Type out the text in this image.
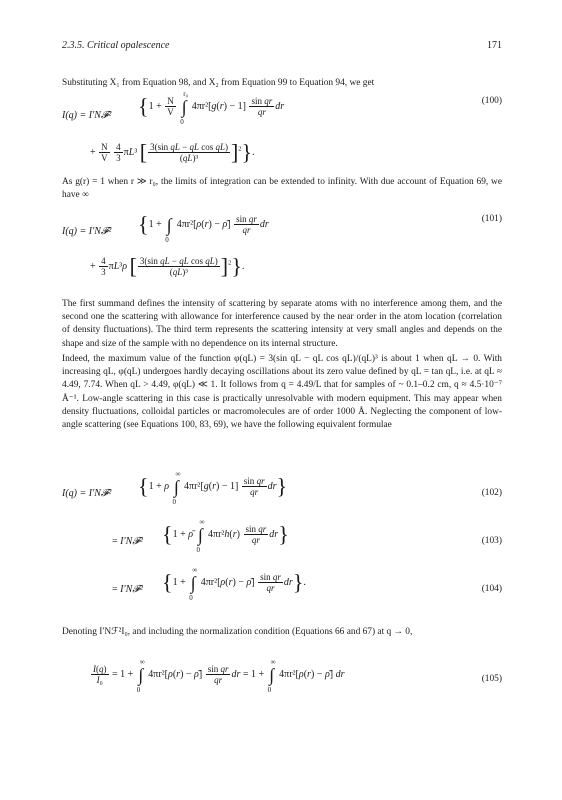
2.3.5. Critical opalescence	171

Substituting X₁ from Equation 98, and X₂ from Equation 99 to Equation 94, we get

I(q) = I′N𝓕² {$1 + \frac{N}{V}$ ∫
r₀
0
$4\pi r^2[g(r) - 1] \frac{\text{sin qr}}{qr}$ dr	(100)
+ $\frac{N}{V}$
$\frac{4}{3} \pi L^3$ [ $\frac{\text{3(sin qL − qL cos qL)}}{\text{(qL)³}} ]^2$}.

As g(r) = 1 when r ≫ r₀, the limits of integration can be extended to infinity. With due account of Equation 69, we have ∞

I(q) = I′N𝓕² {1 + ∫
0
4πr²[ρ(r) − ρ̄] $\frac{\text{sin qr}}{qr}$ dr	(101)
+ $\frac{4}{3} \pi L^3\rho$ [ $\frac{\text{3(sin qL − qL cos qL)}}{\text{(qL)³}} ]^2$}.

The first summand defines the intensity of scattering by separate atoms with no interference among them, and the second one the scattering with allowance for interference caused by the near order in the atom location (correlation of density fluctuations). The third term represents the scattering intensity at very small angles and depends on the shape and size of the sample with no dependence on its internal structure.

Indeed, the maximum value of the function φ(qL) = 3(sin qL − qL cos qL)/(qL)³ is about 1 when qL → 0. With increasing qL, φ(qL) undergoes hardly decaying oscillations about its zero value defined by qL = tan qL, i.e. at qL ≈ 4.49, 7.74. When qL > 4.49, φ(qL) ≪ 1. It follows from q = 4.49/L that for samples of ~ 0.1–0.2 cm, q ≈ 4.5·10⁻⁷ Å⁻¹. Low-angle scattering in this case is practically unresolvable with modern equipment. This may appear when density fluctuations, colloidal particles or macromolecules are of order 1000 Å. Neglecting the component of low-angle scattering (see Equations 100, 83, 69), we have the following equivalent formulae

I(q) = I′N𝓕² {1 + ρ ∫
∞
0
$4\pi r^2[g(r) - 1] \frac{\text{sin qr}}{qr} dr$}	(102)
= I′N𝓕² {1 + ρ̄ ∫
∞
0
$4\pi r^2h(r) \frac{\text{sin qr}}{qr} dr$}	(103)
= I′N𝓕² {1 + ∫
∞
0
4πr²[ρ(r) − ρ̄] $\frac{\text{sin qr}}{qr} dr$}.
(104)

Denoting I′Nℱ²I₀, and including the normalization condition (Equations 66 and 67) at q → 0,

$\frac{I(q)}{\text{I₀}} = 1$ + ∫
∞
0
4πr²[ρ(r) − ρ̄] $\frac{\text{sin qr}}{qr}$ dr = 1 + ∫
∞
0
4πr²[ρ(r) − ρ̄] dr	(105)
